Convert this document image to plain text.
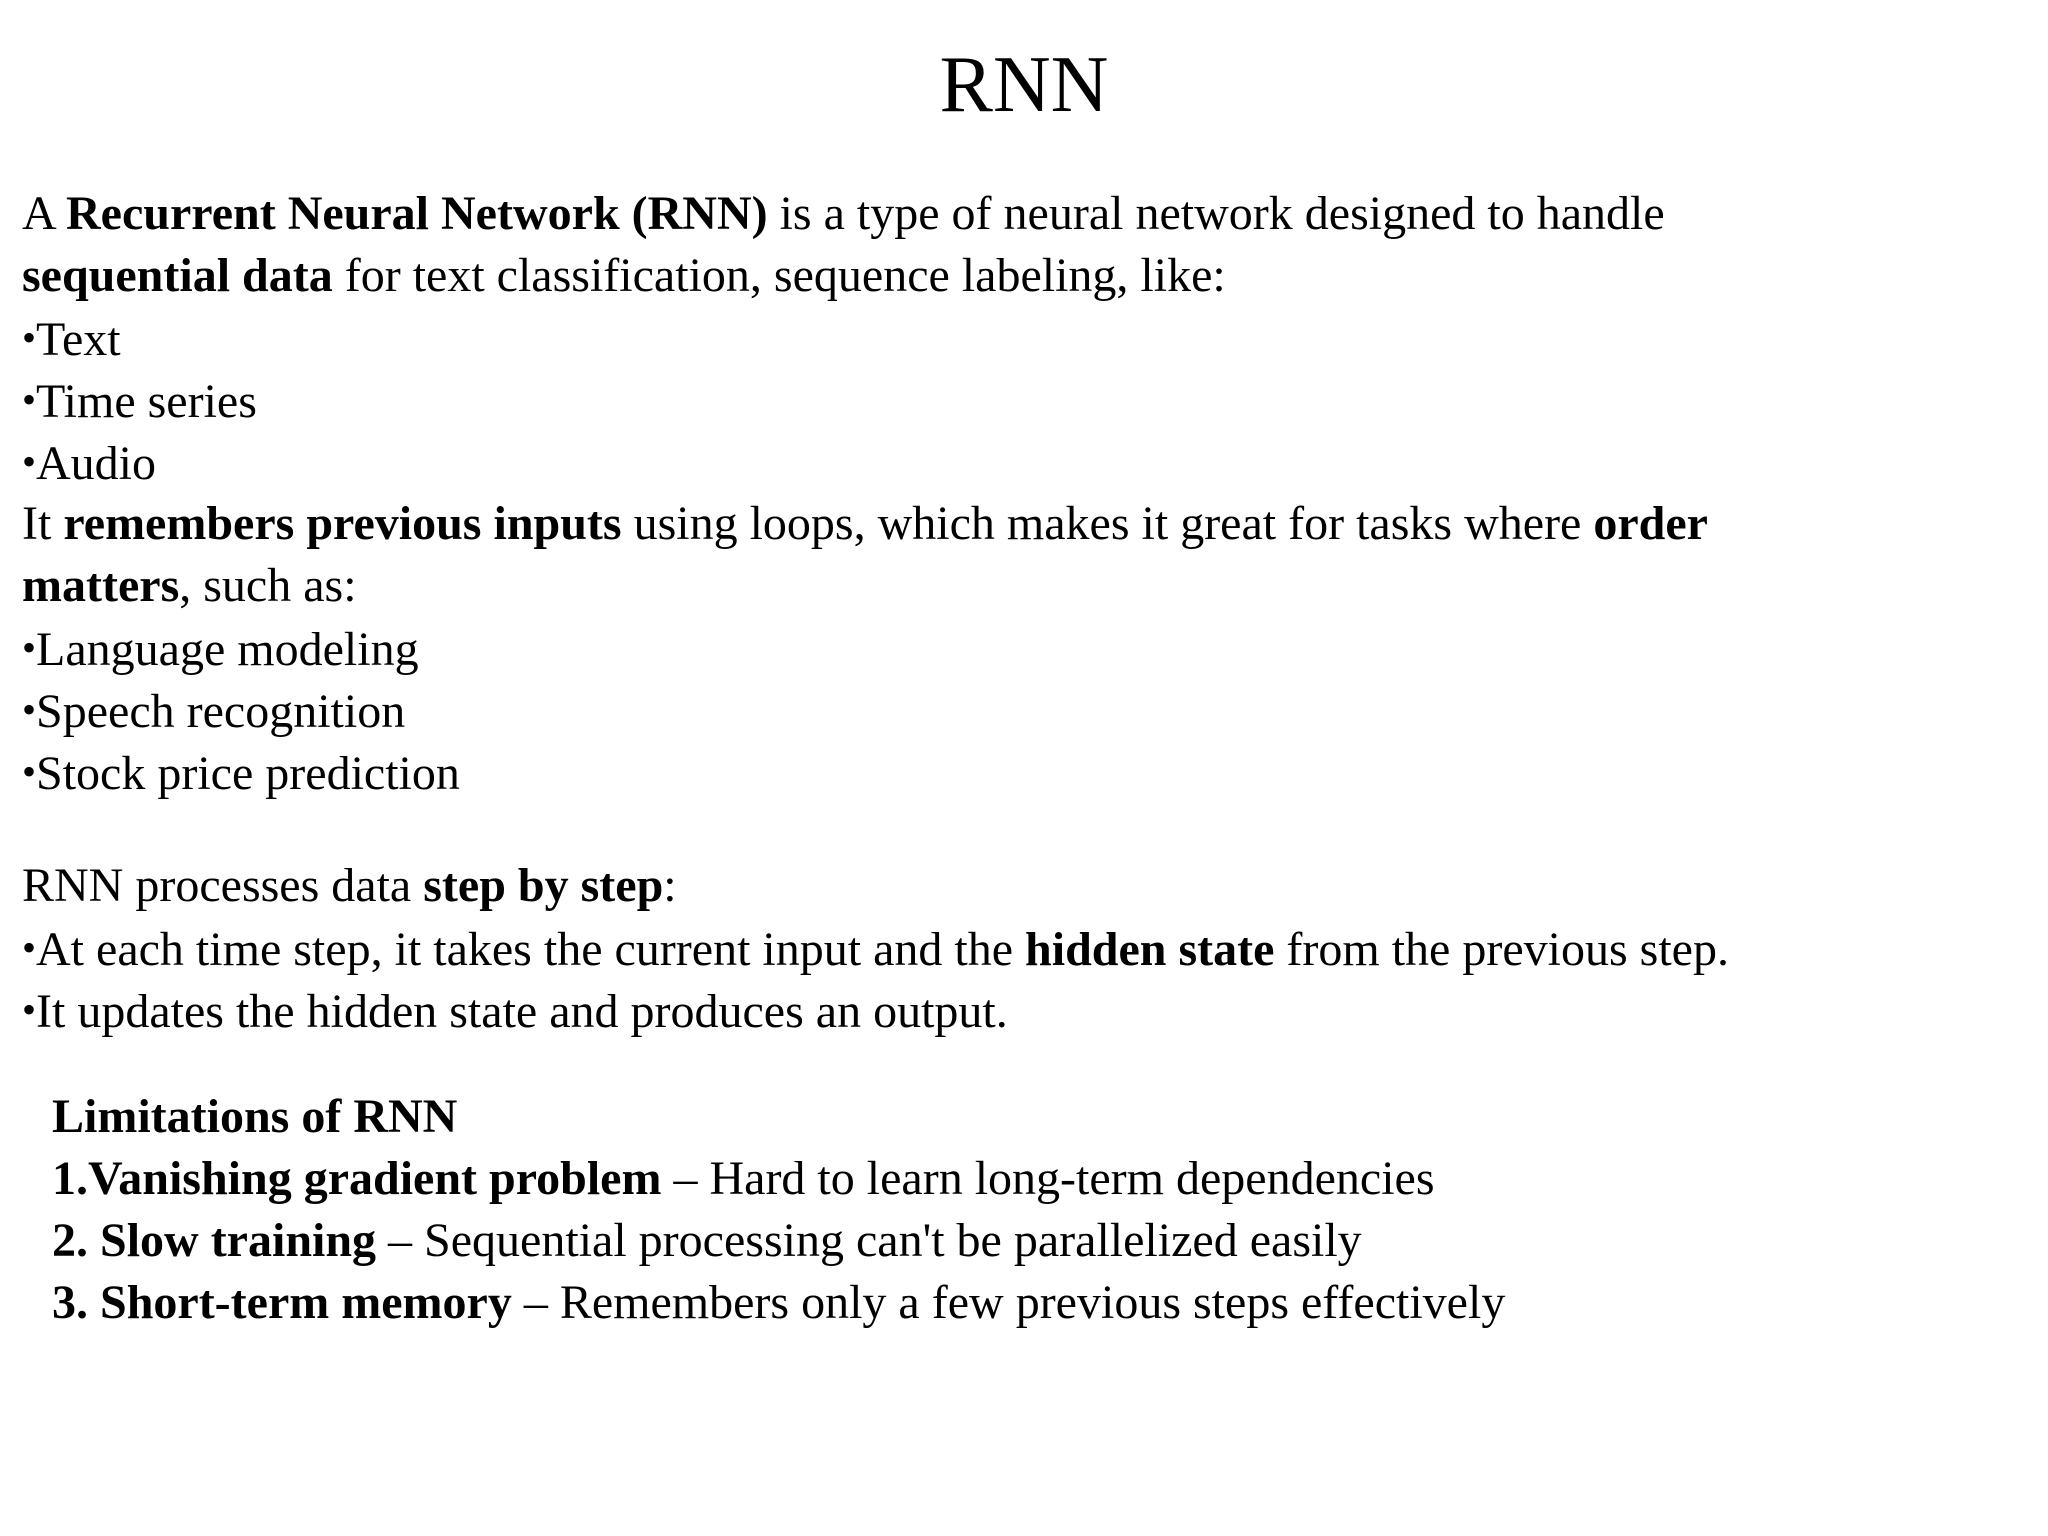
RNN
A Recurrent Neural Network (RNN) is a type of neural network designed to handle
sequential data for text classification, sequence labeling, like:
•Text
•Time series
•Audio
It remembers previous inputs using loops, which makes it great for tasks where order
matters, such as:
•Language modeling
•Speech recognition
•Stock price prediction
RNN processes data step by step:
•At each time step, it takes the current input and the hidden state from the previous step.
•It updates the hidden state and produces an output.
Limitations of RNN
1.Vanishing gradient problem – Hard to learn long-term dependencies
2. Slow training – Sequential processing can't be parallelized easily
3. Short-term memory – Remembers only a few previous steps effectively
